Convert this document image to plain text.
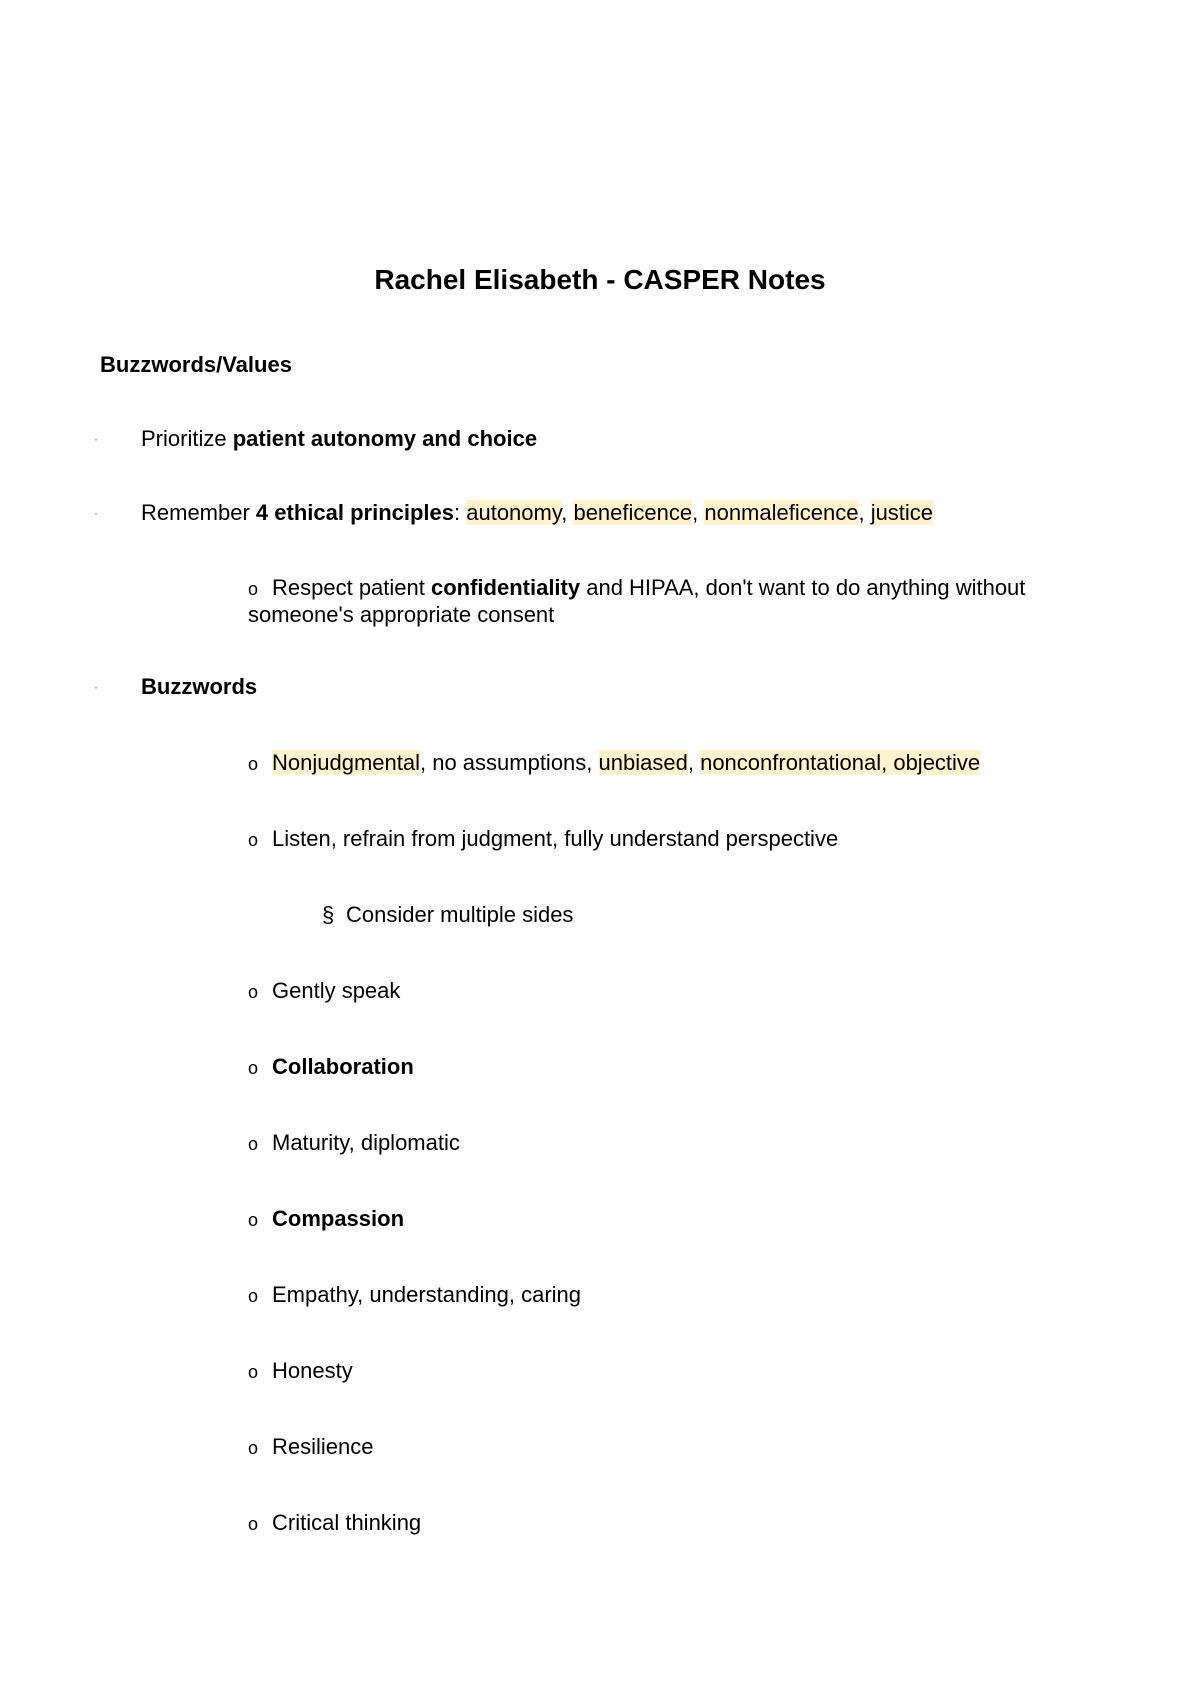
Rachel Elisabeth - CASPER Notes
Buzzwords/Values
· Prioritize patient autonomy and choice
· Remember 4 ethical principles: autonomy, beneficence, nonmaleficence, justice
o Respect patient confidentiality and HIPAA, don't want to do anything without someone's appropriate consent
· Buzzwords
o Nonjudgmental, no assumptions, unbiased, nonconfrontational, objective
o Listen, refrain from judgment, fully understand perspective
§ Consider multiple sides
o Gently speak
o Collaboration
o Maturity, diplomatic
o Compassion
o Empathy, understanding, caring
o Honesty
o Resilience
o Critical thinking
